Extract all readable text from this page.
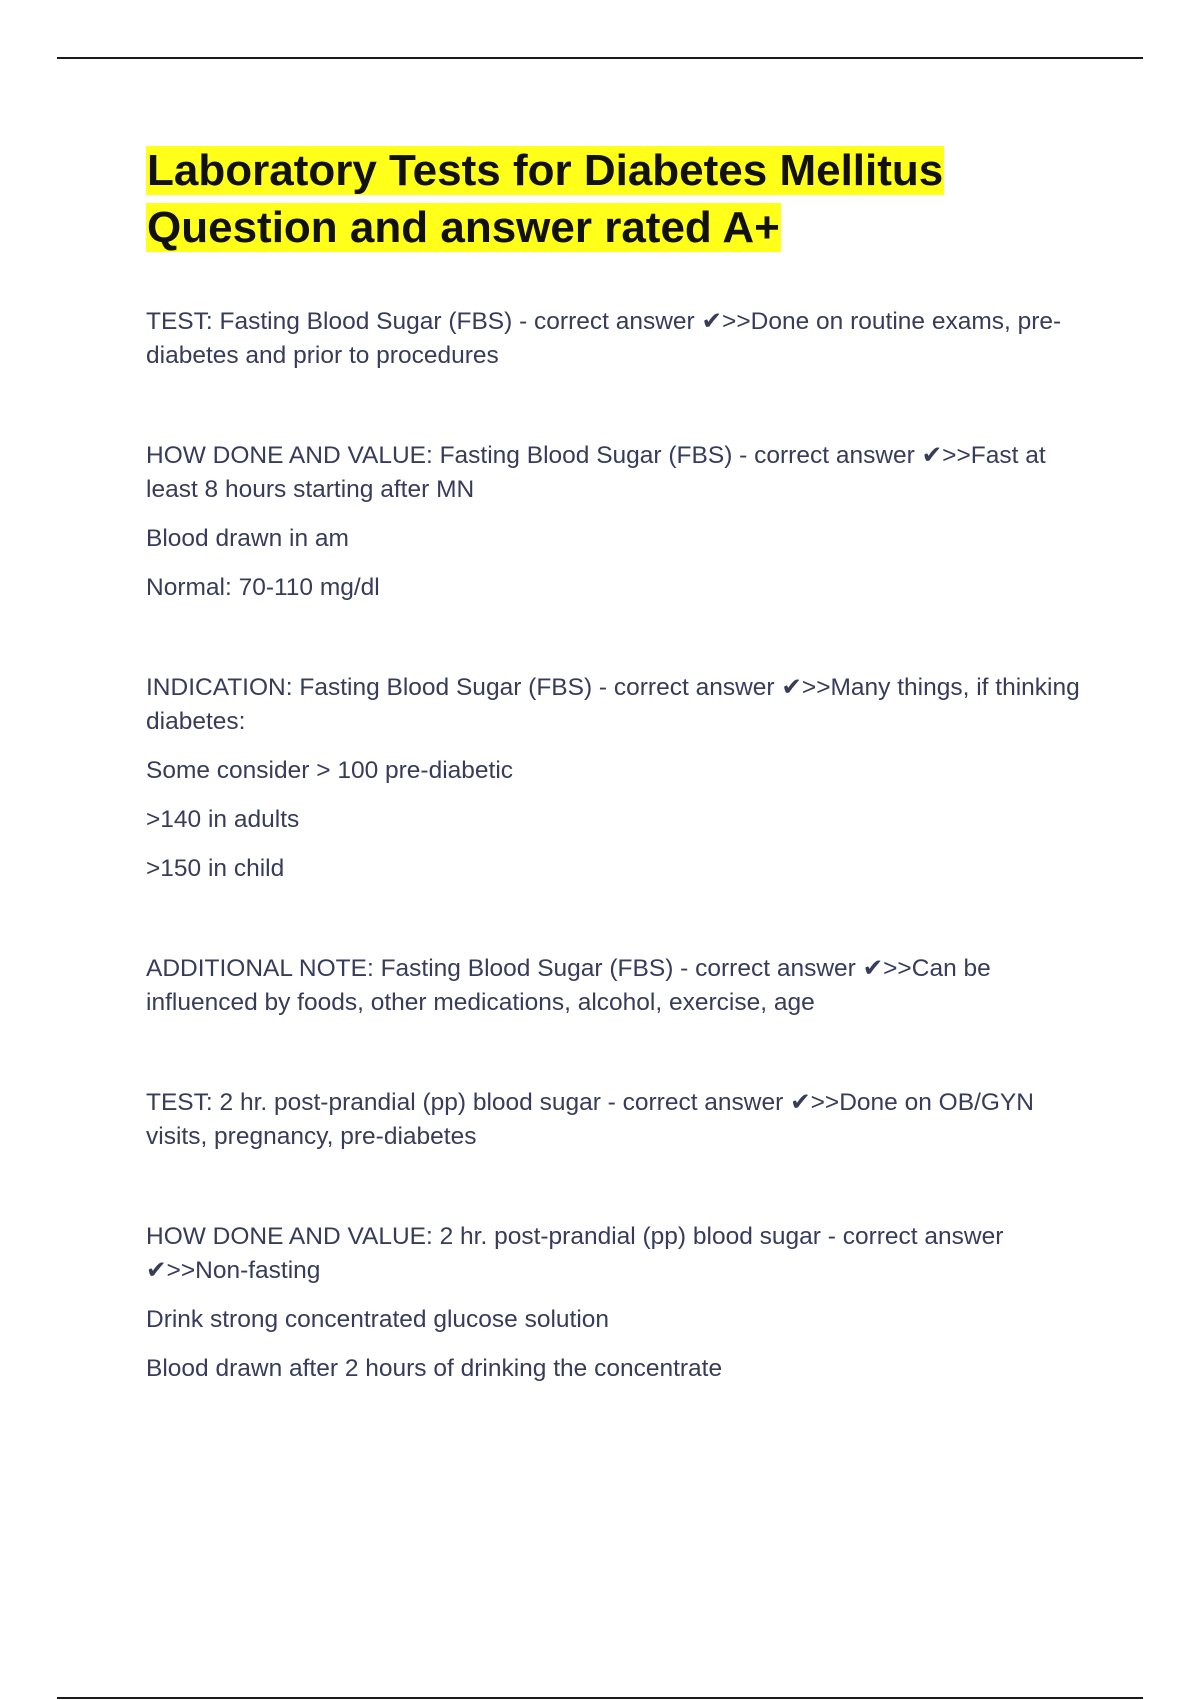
Laboratory Tests for Diabetes Mellitus
Question and answer rated A+

TEST: Fasting Blood Sugar (FBS) - correct answer ✔>>Done on routine exams, pre-diabetes and prior to procedures

HOW DONE AND VALUE: Fasting Blood Sugar (FBS) - correct answer ✔>>Fast at least 8 hours starting after MN

Blood drawn in am

Normal: 70-110 mg/dl

INDICATION: Fasting Blood Sugar (FBS) - correct answer ✔>>Many things, if thinking diabetes:

Some consider > 100 pre-diabetic

>140 in adults

>150 in child

ADDITIONAL NOTE: Fasting Blood Sugar (FBS) - correct answer ✔>>Can be influenced by foods, other medications, alcohol, exercise, age

TEST: 2 hr. post-prandial (pp) blood sugar - correct answer ✔>>Done on OB/GYN visits, pregnancy, pre-diabetes

HOW DONE AND VALUE: 2 hr. post-prandial (pp) blood sugar - correct answer ✔>>Non-fasting

Drink strong concentrated glucose solution

Blood drawn after 2 hours of drinking the concentrate
